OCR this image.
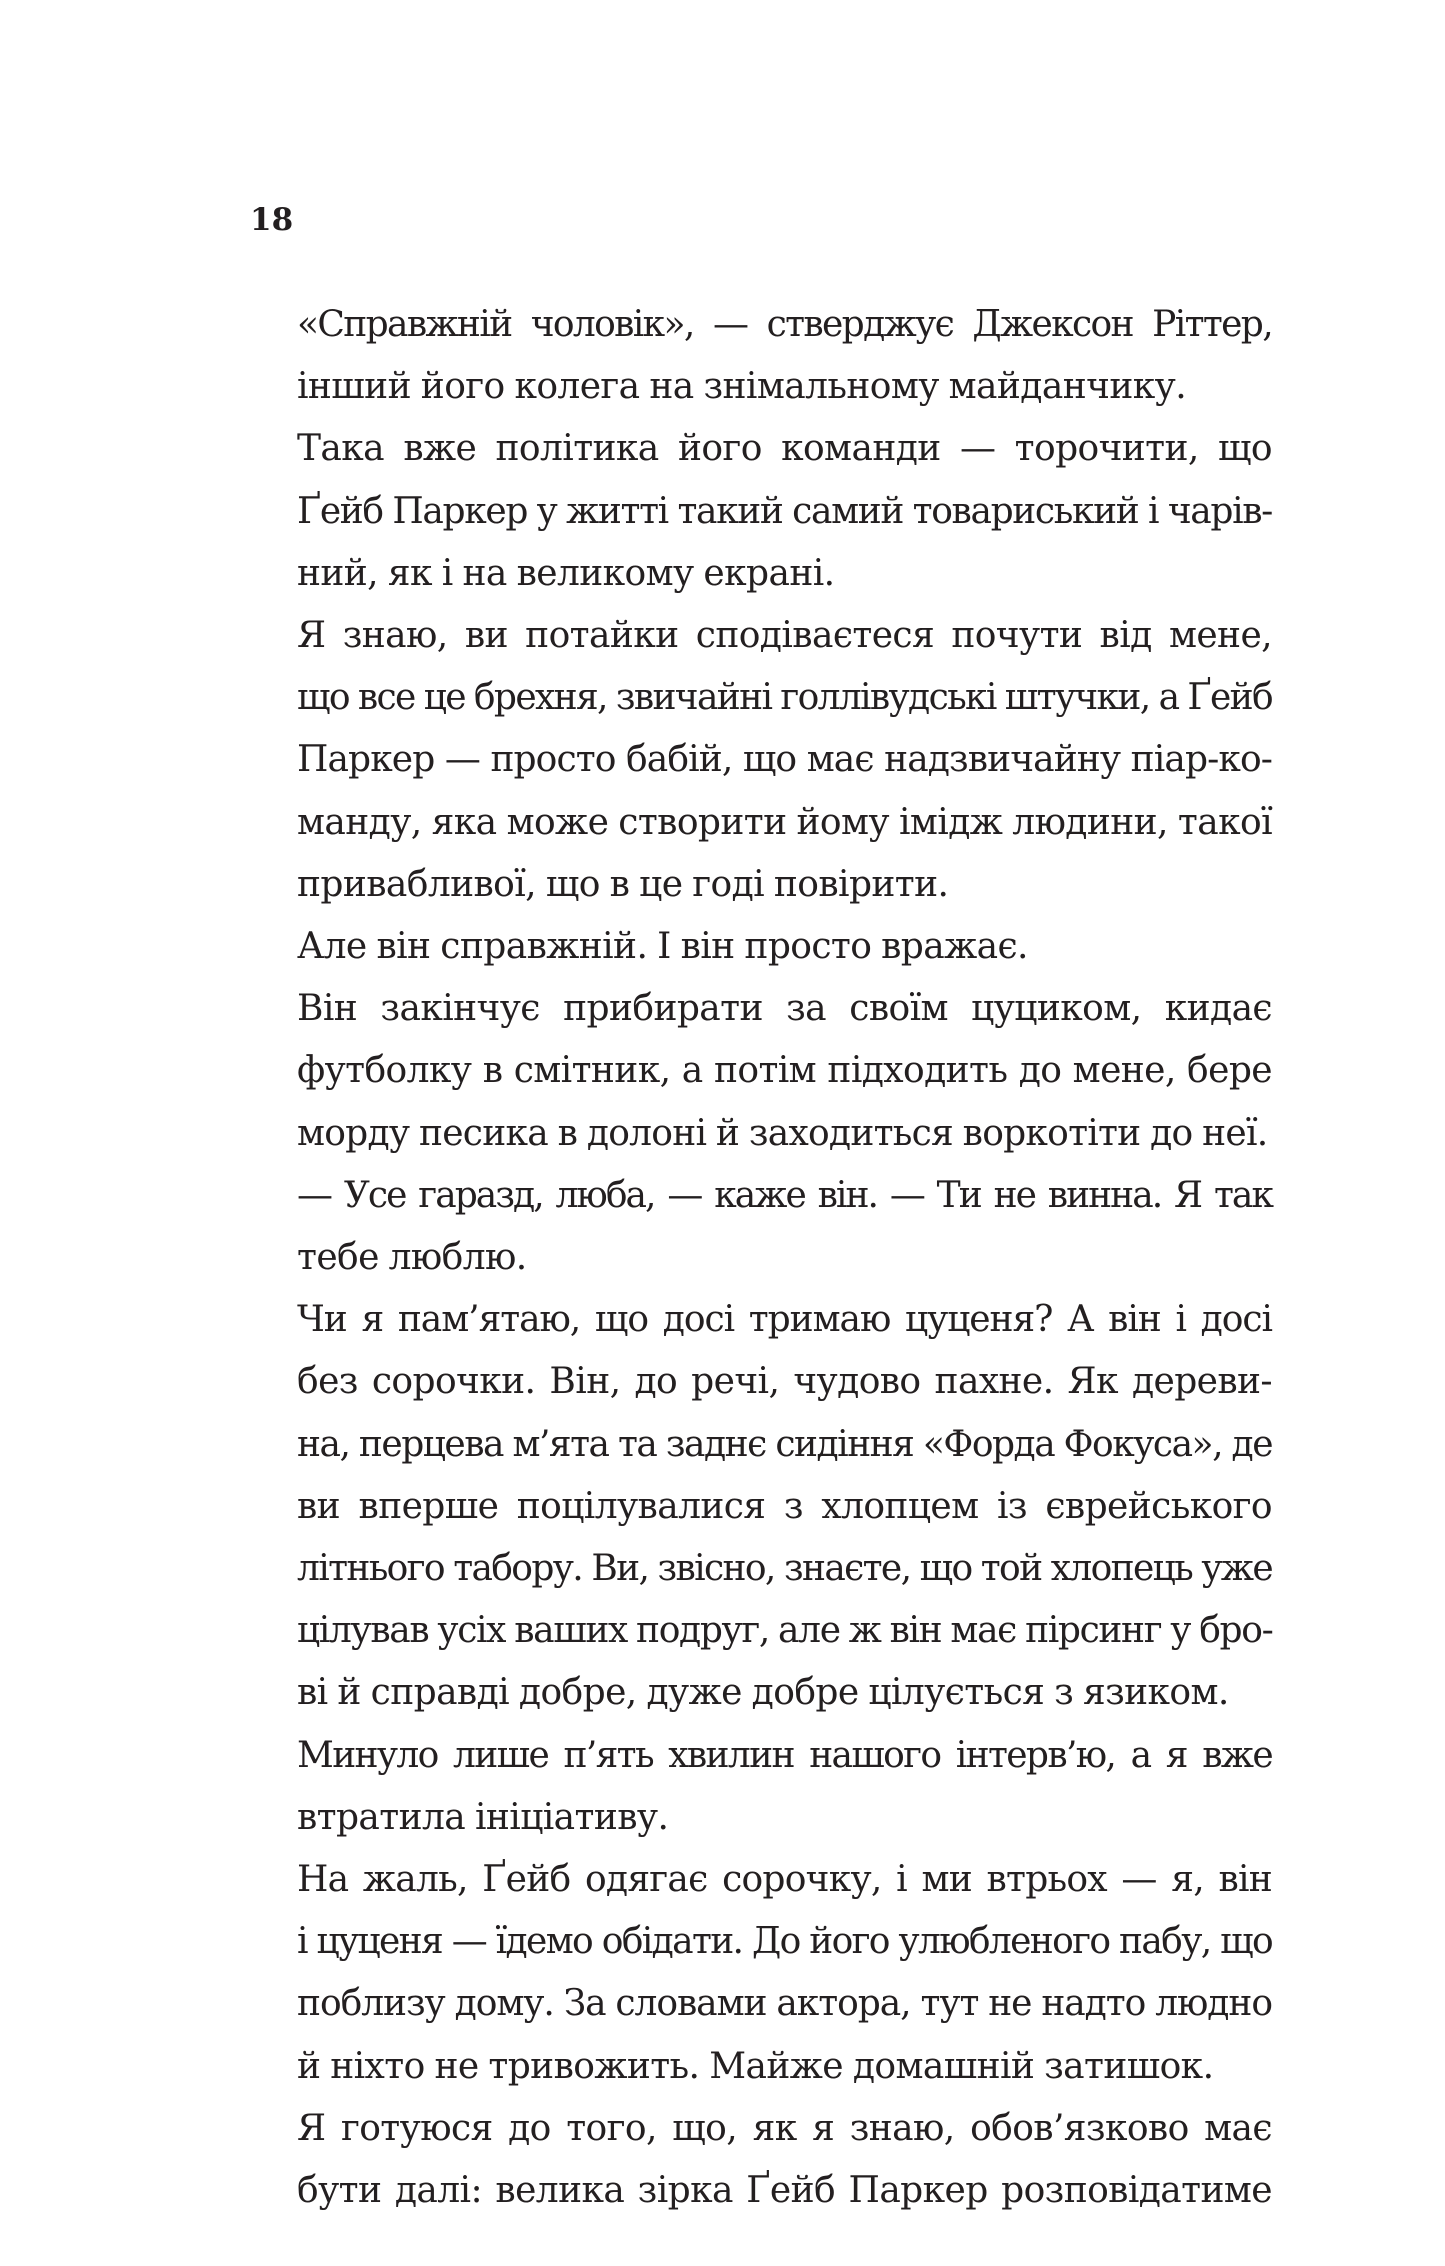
18

«Справжній чоловік», — стверджує Джексон Ріттер,
інший його колега на знімальному майданчику.

Така вже політика його команди — торочити, що
Ґейб Паркер у житті такий самий товариський і чарів-
ний, як і на великому екрані.

Я знаю, ви потайки сподіваєтеся почути від мене,
що все це брехня, звичайні голлівудські штучки, а Ґейб
Паркер — просто бабій, що має надзвичайну піар-ко-
манду, яка може створити йому імідж людини, такої
привабливої, що в це годі повірити.

Але він справжній. І він просто вражає.

Він закінчує прибирати за своїм цуциком, кидає
футболку в смітник, а потім підходить до мене, бере
морду песика в долоні й заходиться воркотіти до неї.

— Усе гаразд, люба, — каже він. — Ти не винна. Я так
тебе люблю.

Чи я пам’ятаю, що досі тримаю цуценя? А він і досі
без сорочки. Він, до речі, чудово пахне. Як дереви-
на, перцева м’ята та заднє сидіння «Форда Фокуса», де
ви вперше поцілувалися з хлопцем із єврейського
літнього табору. Ви, звісно, знаєте, що той хлопець уже
цілував усіх ваших подруг, але ж він має пірсинг у бро-
ві й справді добре, дуже добре цілується з язиком.

Минуло лише п’ять хвилин нашого інтерв’ю, а я вже
втратила ініціативу.

На жаль, Ґейб одягає сорочку, і ми втрьох — я, він
і цуценя — їдемо обідати. До його улюбленого пабу, що
поблизу дому. За словами актора, тут не надто людно
й ніхто не тривожить. Майже домашній затишок.

Я готуюся до того, що, як я знаю, обов’язково має
бути далі: велика зірка Ґейб Паркер розповідатиме
